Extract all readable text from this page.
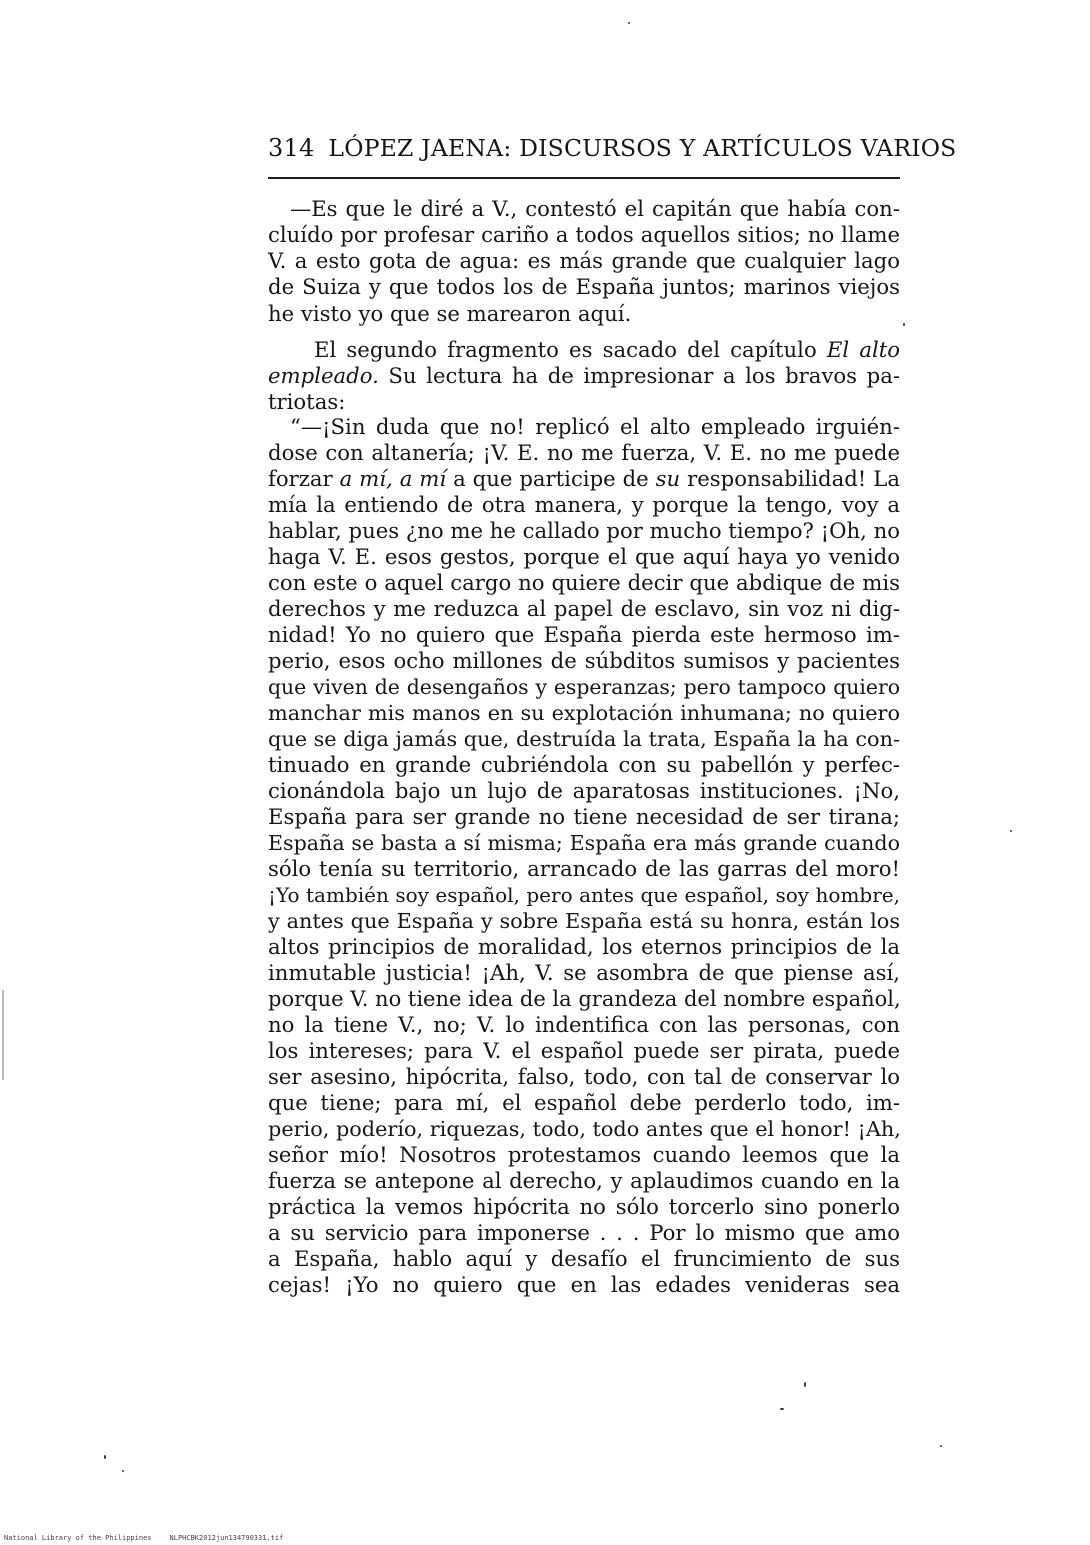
314 LÓPEZ JAENA: DISCURSOS Y ARTÍCULOS VARIOS
—Es que le diré a V., contestó el capitán que había con-
cluído por profesar cariño a todos aquellos sitios; no llame
V. a esto gota de agua: es más grande que cualquier lago
de Suiza y que todos los de España juntos; marinos viejos
he visto yo que se marearon aquí.
El segundo fragmento es sacado del capítulo El alto
empleado. Su lectura ha de impresionar a los bravos pa-
triotas:
“—¡Sin duda que no! replicó el alto empleado irguién-
dose con altanería; ¡V. E. no me fuerza, V. E. no me puede
forzar a mí, a mí a que participe de su responsabilidad! La
mía la entiendo de otra manera, y porque la tengo, voy a
hablar, pues ¿no me he callado por mucho tiempo? ¡Oh, no
haga V. E. esos gestos, porque el que aquí haya yo venido
con este o aquel cargo no quiere decir que abdique de mis
derechos y me reduzca al papel de esclavo, sin voz ni dig-
nidad! Yo no quiero que España pierda este hermoso im-
perio, esos ocho millones de súbditos sumisos y pacientes
que viven de desengaños y esperanzas; pero tampoco quiero
manchar mis manos en su explotación inhumana; no quiero
que se diga jamás que, destruída la trata, España la ha con-
tinuado en grande cubriéndola con su pabellón y perfec-
cionándola bajo un lujo de aparatosas instituciones. ¡No,
España para ser grande no tiene necesidad de ser tirana;
España se basta a sí misma; España era más grande cuando
sólo tenía su territorio, arrancado de las garras del moro!
¡Yo también soy español, pero antes que español, soy hombre,
y antes que España y sobre España está su honra, están los
altos principios de moralidad, los eternos principios de la
inmutable justicia! ¡Ah, V. se asombra de que piense así,
porque V. no tiene idea de la grandeza del nombre español,
no la tiene V., no; V. lo indentifica con las personas, con
los intereses; para V. el español puede ser pirata, puede
ser asesino, hipócrita, falso, todo, con tal de conservar lo
que tiene; para mí, el español debe perderlo todo, im-
perio, poderío, riquezas, todo, todo antes que el honor! ¡Ah,
señor mío! Nosotros protestamos cuando leemos que la
fuerza se antepone al derecho, y aplaudimos cuando en la
práctica la vemos hipócrita no sólo torcerlo sino ponerlo
a su servicio para imponerse . . . Por lo mismo que amo
a España, hablo aquí y desafío el fruncimiento de sus
cejas! ¡Yo no quiero que en las edades venideras sea
National Library of the Philippines	NLPHCBK2012jun134790331.tif
